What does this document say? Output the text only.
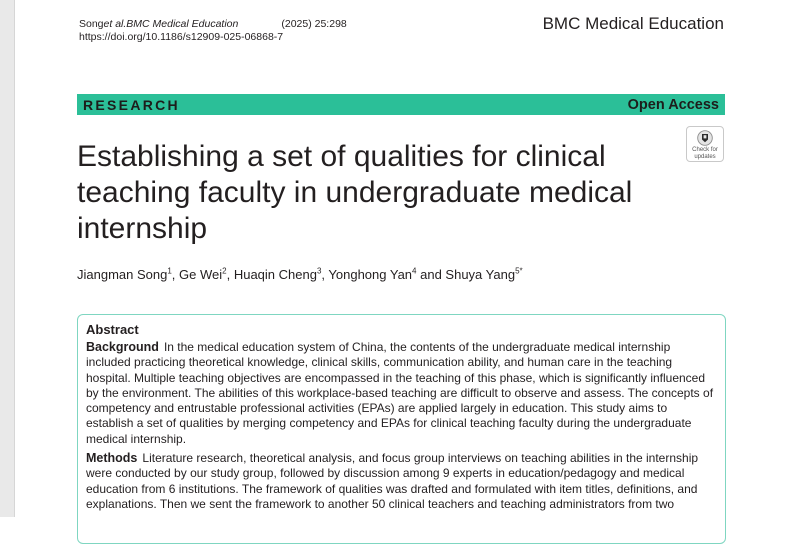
Song et al. BMC Medical Education	(2025) 25:298
https://doi.org/10.1186/s12909-025-06868-7
BMC Medical Education
RESEARCH	Open Access
Establishing a set of qualities for clinical teaching faculty in undergraduate medical internship
Check for
updates
Jiangman Song$^1$, Ge Wei$^2$, Huaqin Cheng$^3$, Yonghong Yan$^4$ and Shuya Yang$^{5*}$
Abstract

Background In the medical education system of China, the contents of the undergraduate medical internship included practicing theoretical knowledge, clinical skills, communication ability, and human care in the teaching hospital. Multiple teaching objectives are encompassed in the teaching of this phase, which is significantly influenced by the environment. The abilities of this workplace-based teaching are difficult to observe and assess. The concepts of competency and entrustable professional activities (EPAs) are applied largely in education. This study aims to establish a set of qualities by merging competency and EPAs for clinical teaching faculty during the undergraduate medical internship.

Methods Literature research, theoretical analysis, and focus group interviews on teaching abilities in the internship were conducted by our study group, followed by discussion among 9 experts in education/pedagogy and medical education from 6 institutions. The framework of qualities was drafted and formulated with item titles, definitions, and explanations. Then we sent the framework to another 50 clinical teachers and teaching administrators from two
